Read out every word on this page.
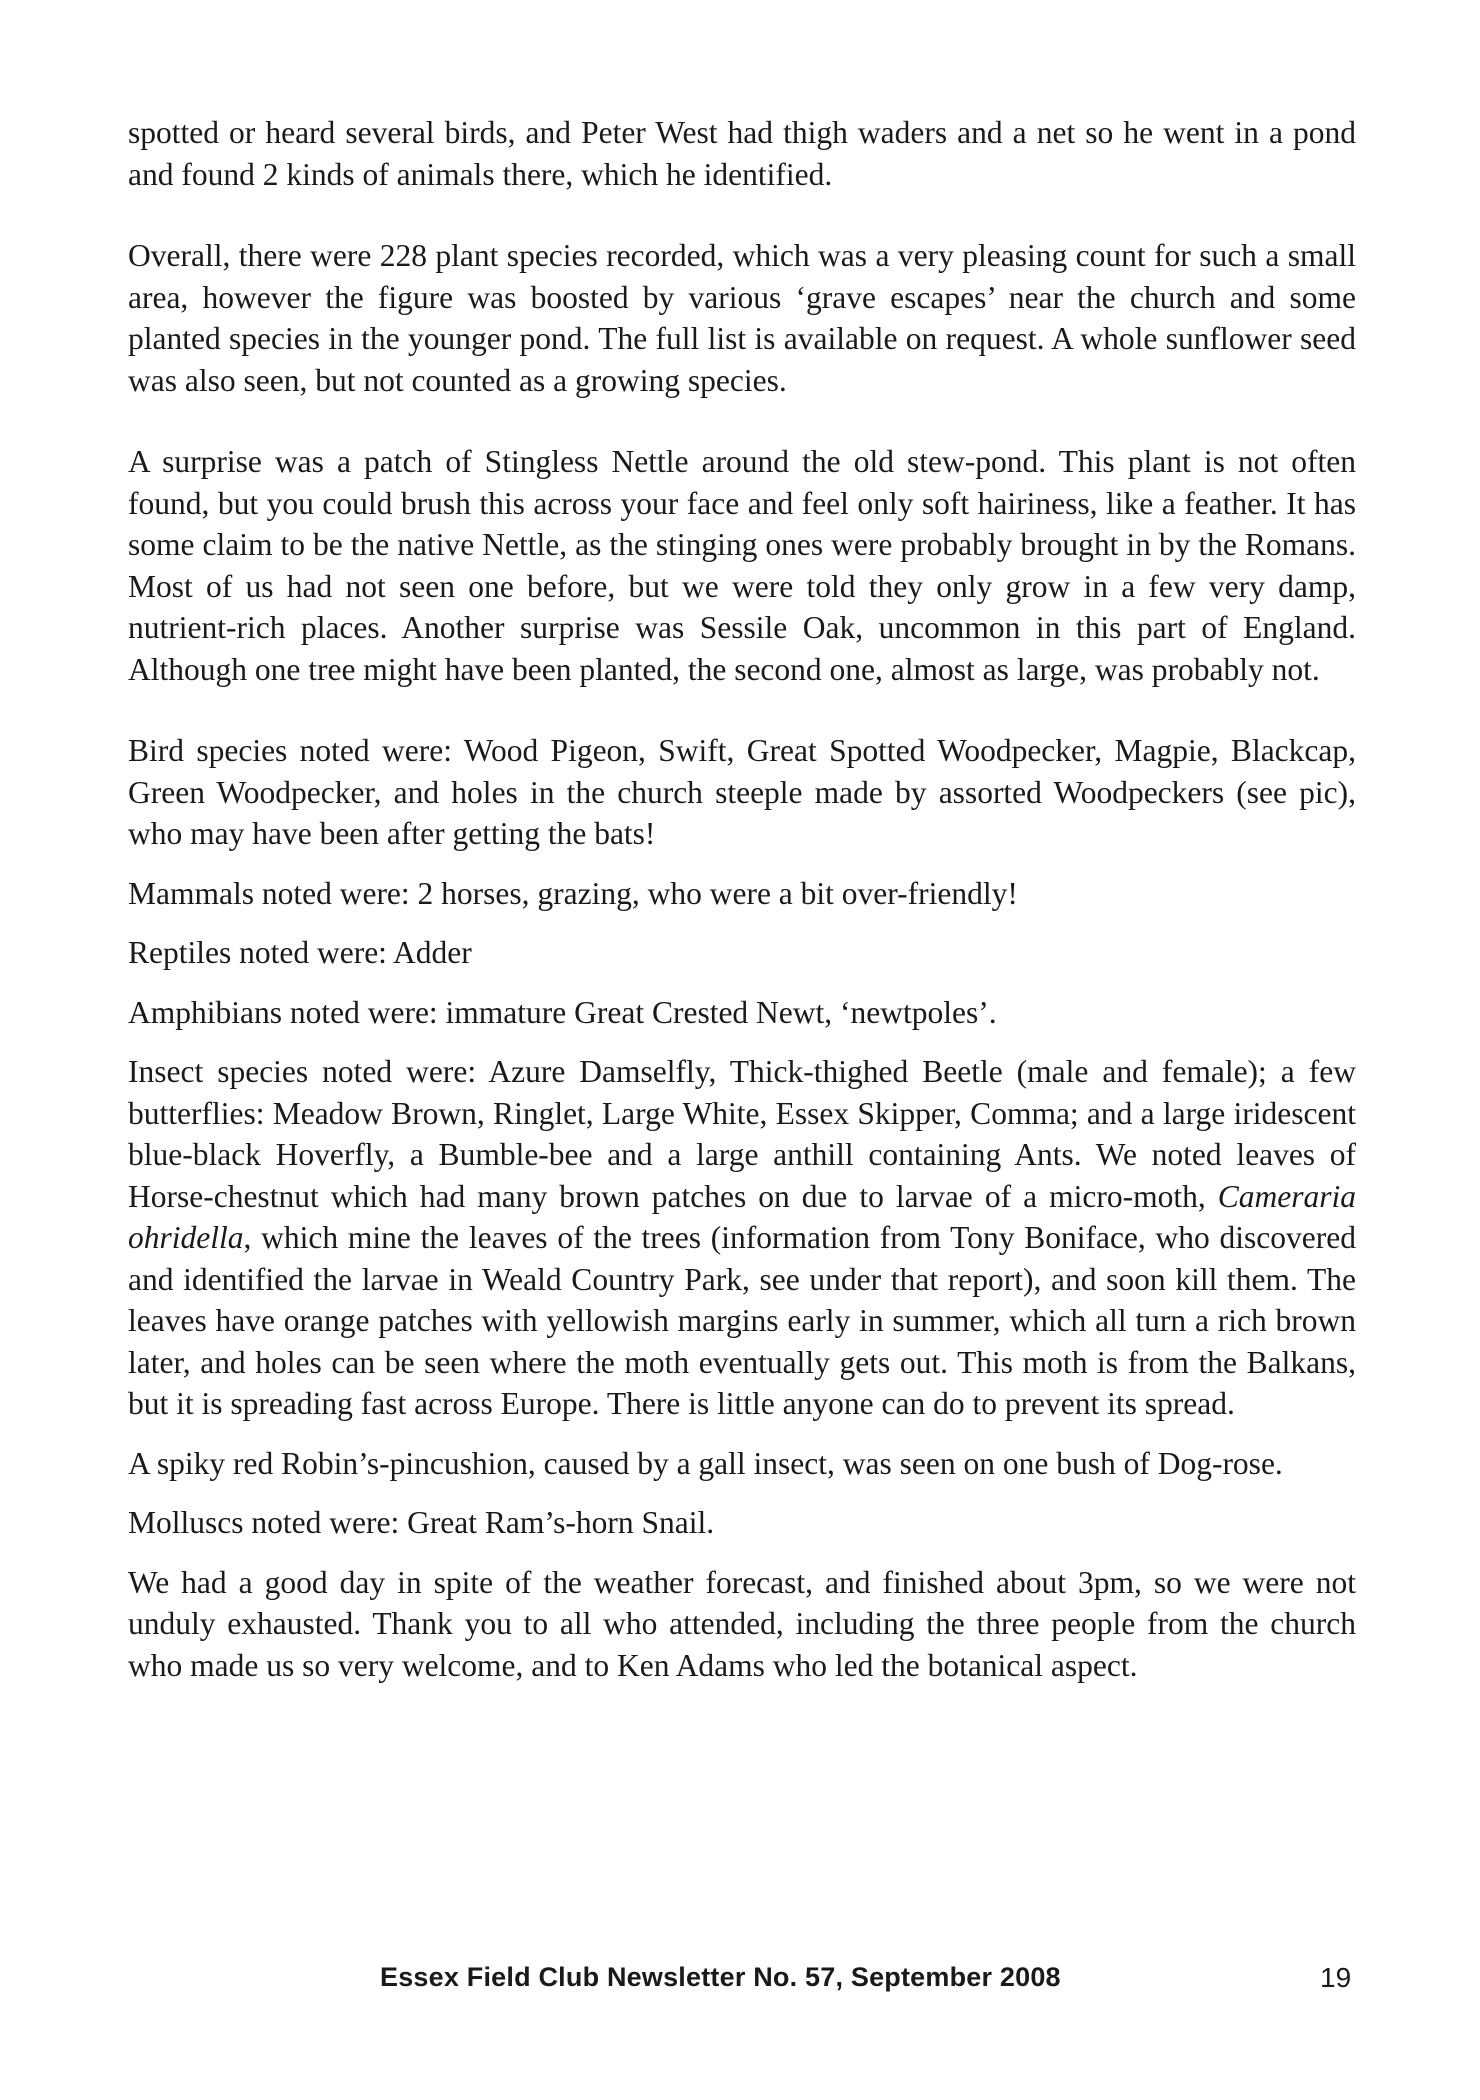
spotted or heard several birds, and Peter West had thigh waders and a net so he went in a pond and found 2 kinds of animals there, which he identified.

Overall, there were 228 plant species recorded, which was a very pleasing count for such a small area, however the figure was boosted by various ‘grave escapes’ near the church and some planted species in the younger pond. The full list is available on request. A whole sunflower seed was also seen, but not counted as a growing species.

A surprise was a patch of Stingless Nettle around the old stew-pond. This plant is not often found, but you could brush this across your face and feel only soft hairiness, like a feather. It has some claim to be the native Nettle, as the stinging ones were probably brought in by the Romans. Most of us had not seen one before, but we were told they only grow in a few very damp, nutrient-rich places. Another surprise was Sessile Oak, uncommon in this part of England. Although one tree might have been planted, the second one, almost as large, was probably not.

Bird species noted were: Wood Pigeon, Swift, Great Spotted Woodpecker, Magpie, Blackcap, Green Woodpecker, and holes in the church steeple made by assorted Woodpeckers (see pic), who may have been after getting the bats!

Mammals noted were: 2 horses, grazing, who were a bit over-friendly!

Reptiles noted were: Adder

Amphibians noted were: immature Great Crested Newt, ‘newtpoles’.

Insect species noted were: Azure Damselfly, Thick-thighed Beetle (male and female); a few butterflies: Meadow Brown, Ringlet, Large White, Essex Skipper, Comma; and a large iridescent blue-black Hoverfly, a Bumble-bee and a large anthill containing Ants. We noted leaves of Horse-chestnut which had many brown patches on due to larvae of a micro-moth, Cameraria ohridella, which mine the leaves of the trees (information from Tony Boniface, who discovered and identified the larvae in Weald Country Park, see under that report), and soon kill them. The leaves have orange patches with yellowish margins early in summer, which all turn a rich brown later, and holes can be seen where the moth eventually gets out. This moth is from the Balkans, but it is spreading fast across Europe. There is little anyone can do to prevent its spread.

A spiky red Robin’s-pincushion, caused by a gall insect, was seen on one bush of Dog-rose.

Molluscs noted were: Great Ram’s-horn Snail.

We had a good day in spite of the weather forecast, and finished about 3pm, so we were not unduly exhausted. Thank you to all who attended, including the three people from the church who made us so very welcome, and to Ken Adams who led the botanical aspect.

Essex Field Club Newsletter No. 57, September 2008	19
